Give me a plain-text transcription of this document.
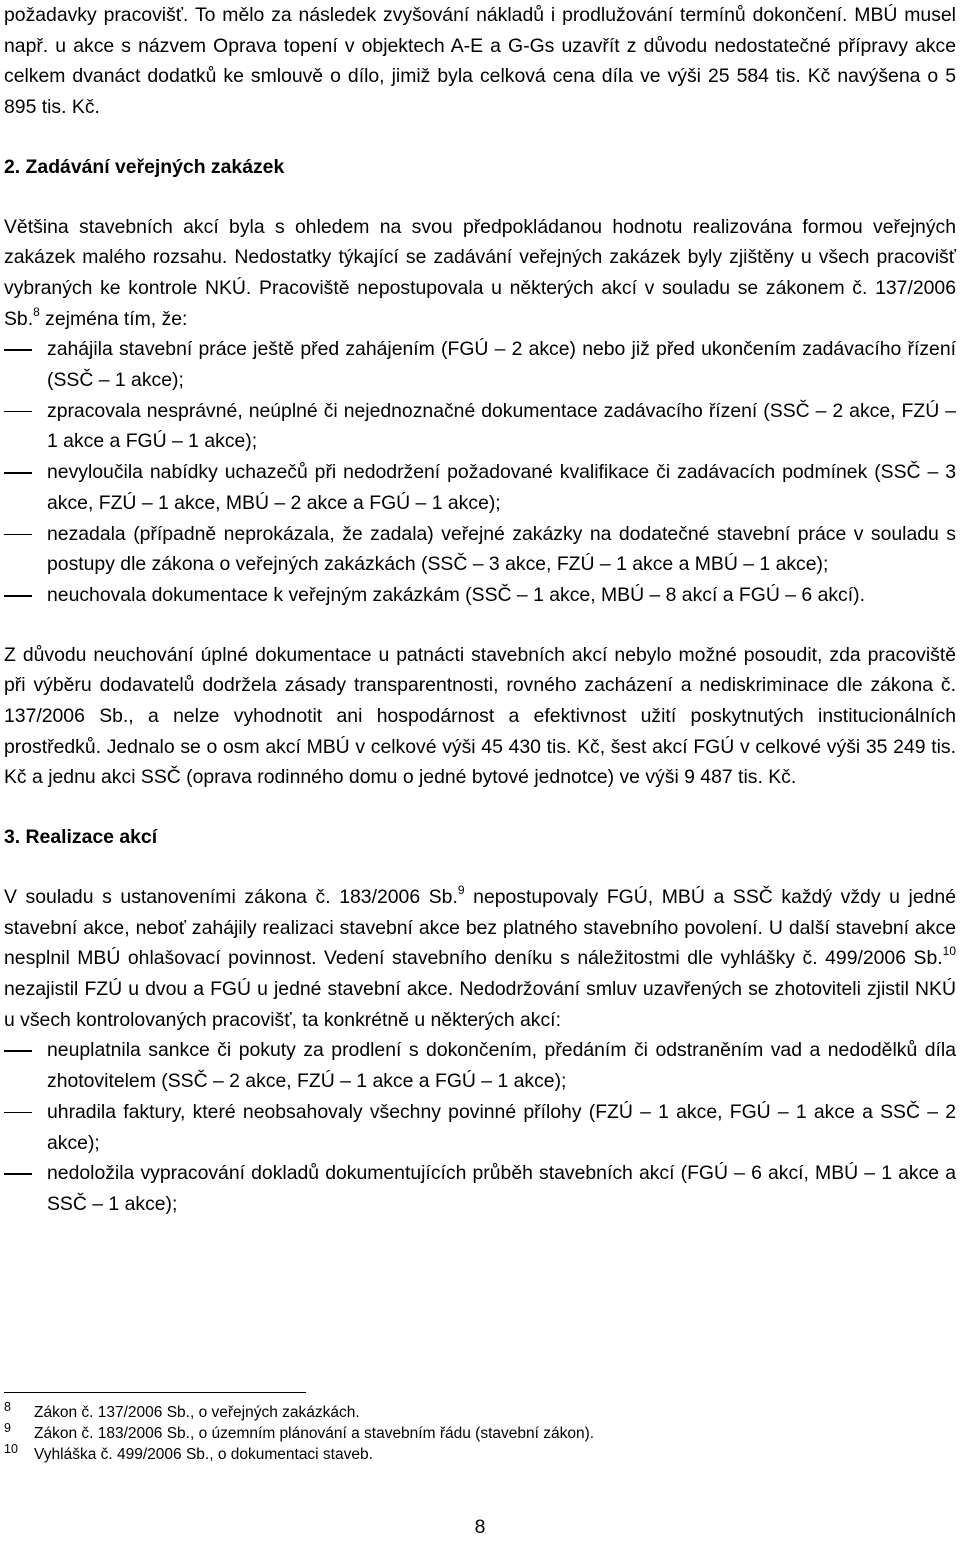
požadavky pracovišť. To mělo za následek zvyšování nákladů i prodlužování termínů dokončení. MBÚ musel např. u akce s názvem Oprava topení v objektech A-E a G-Gs uzavřít z důvodu nedostatečné přípravy akce celkem dvanáct dodatků ke smlouvě o dílo, jimiž byla celková cena díla ve výši 25 584 tis. Kč navýšena o 5 895 tis. Kč.

2. Zadávání veřejných zakázek

Většina stavebních akcí byla s ohledem na svou předpokládanou hodnotu realizována formou veřejných zakázek malého rozsahu. Nedostatky týkající se zadávání veřejných zakázek byly zjištěny u všech pracovišť vybraných ke kontrole NKÚ. Pracoviště nepostupovala u některých akcí v souladu se zákonem č. 137/2006 Sb.$^8$ zejména tím, že:

zahájila stavební práce ještě před zahájením (FGÚ – 2 akce) nebo již před ukončením zadávacího řízení (SSČ – 1 akce);
zpracovala nesprávné, neúplné či nejednoznačné dokumentace zadávacího řízení (SSČ – 2 akce, FZÚ – 1 akce a FGÚ – 1 akce);
nevyloučila nabídky uchazečů při nedodržení požadované kvalifikace či zadávacích podmínek (SSČ – 3 akce, FZÚ – 1 akce, MBÚ – 2 akce a FGÚ – 1 akce);
nezadala (případně neprokázala, že zadala) veřejné zakázky na dodatečné stavební práce v souladu s postupy dle zákona o veřejných zakázkách (SSČ – 3 akce, FZÚ – 1 akce a MBÚ – 1 akce);
neuchovala dokumentace k veřejným zakázkám (SSČ – 1 akce, MBÚ – 8 akcí a FGÚ – 6 akcí).

Z důvodu neuchování úplné dokumentace u patnácti stavebních akcí nebylo možné posoudit, zda pracoviště při výběru dodavatelů dodržela zásady transparentnosti, rovného zacházení a nediskriminace dle zákona č. 137/2006 Sb., a nelze vyhodnotit ani hospodárnost a efektivnost užití poskytnutých institucionálních prostředků. Jednalo se o osm akcí MBÚ v celkové výši 45 430 tis. Kč, šest akcí FGÚ v celkové výši 35 249 tis. Kč a jednu akci SSČ (oprava rodinného domu o jedné bytové jednotce) ve výši 9 487 tis. Kč.

3. Realizace akcí

V souladu s ustanoveními zákona č. 183/2006 Sb.$^9$ nepostupovaly FGÚ, MBÚ a SSČ každý vždy u jedné stavební akce, neboť zahájily realizaci stavební akce bez platného stavebního povolení. U další stavební akce nesplnil MBÚ ohlašovací povinnost. Vedení stavebního deníku s náležitostmi dle vyhlášky č. 499/2006 Sb.$^{10}$ nezajistil FZÚ u dvou a FGÚ u jedné stavební akce. Nedodržování smluv uzavřených se zhotoviteli zjistil NKÚ u všech kontrolovaných pracovišť, ta konkrétně u některých akcí:

neuplatnila sankce či pokuty za prodlení s dokončením, předáním či odstraněním vad a nedodělků díla zhotovitelem (SSČ – 2 akce, FZÚ – 1 akce a FGÚ – 1 akce);
uhradila faktury, které neobsahovaly všechny povinné přílohy (FZÚ – 1 akce, FGÚ – 1 akce a SSČ – 2 akce);
nedoložila vypracování dokladů dokumentujících průběh stavebních akcí (FGÚ – 6 akcí, MBÚ – 1 akce a SSČ – 1 akce);
8 Zákon č. 137/2006 Sb., o veřejných zakázkách.
9 Zákon č. 183/2006 Sb., o územním plánování a stavebním řádu (stavební zákon).
10 Vyhláška č. 499/2006 Sb., o dokumentaci staveb.
8
